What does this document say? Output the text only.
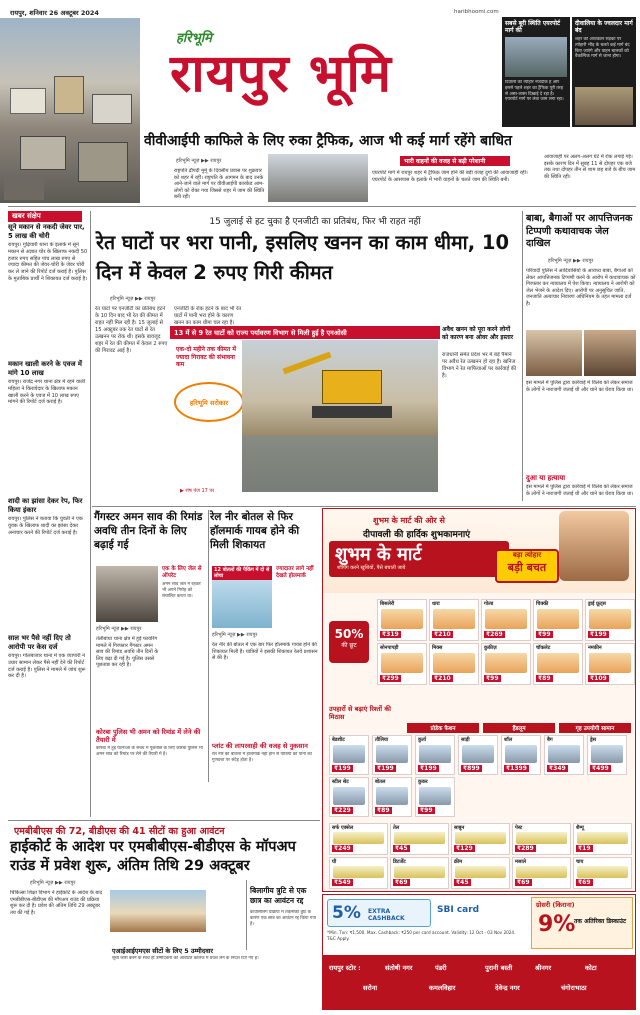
रायपुर, शनिवार 26 अक्टूबर 2024	haribhoomi.com
हरिभूमि
रायपुर भूमि
सबसे बूरी स्थिति एयरपोर्ट मार्ग की
दिवाली का त्योहार नजदीक है और इससे पहले शहर का ट्रैफिक पूरी तरह से अस्त-व्यस्त दिखाई दे रहा है। एयरपोर्ट मार्ग पर लंबा जाम लगा रहा।
दीवालिया के ज्वलदार मार्ग बंद
शहर की अधिकतर सड़कों पर त्योहारी भीड़ के चलते कई मार्ग बंद किए जाएंगे और वाहन चालकों को वैकल्पिक मार्ग से जाना होगा।
वीवीआईपी काफिले के लिए रुका ट्रैफिक, आज भी कई मार्ग रहेंगे बाधित
हरिभूमि न्यूज़ ▶▶ रायपुर
राष्ट्रपति द्रौपदी मुर्मू के दिवसीय प्रवास पर शुक्रवार को शहर में रहीं। राष्ट्रपति के आगमन के बाद उनके आने-जाने वाले मार्ग पर वीवीआईपी कारकेड आम-लोगों को रोका गया जिससे शहर में जाम की स्थिति बनी रही।
एयरपोर्ट मार्ग में रायपुर शहर में ट्रैफिक जाम होने की बड़ी वजह दुर्गा की आवाजाही रही। एयरपोर्ट के आसपास के इलाके में भारी वाहनों के चलते जाम की स्थिति बनी।
भारी वाहनों की वजह से बढ़ी परेशानी
आवाजाही पर अलग-अलग घंटे में रोक लगाई गई। इसके कारण दिन में सुबह 11 से दोपहर एक बजे तक तथा दोपहर तीन से शाम छह बजे के बीच जाम की स्थिति रही।
खबर संक्षेप
सूने मकान से नकदी जेवर पार, 5 लाख की चोरी
रायपुर। गुढ़ियारी थाना के इलाके में सूने मकान से अज्ञात चोर के खिलाफ नकदी 50 हजार रुपए सहित पांच लाख रुपए से ज्यादा कीमत की जेवर-चोरी के जेवर चोरी कर ले जाने की रिपोर्ट दर्ज कराई है। पुलिस के मुताबिक प्रार्थी ने शिकायत दर्ज कराई है।
मकान खाली करने के एवज में मांगे 10 लाख
रायपुर। राजेंद्र नगर थाना क्षेत्र में रहने वाली महिला ने किरायेदार के खिलाफ मकान खाली करने के एवज में 10 लाख रुपए मांगने की रिपोर्ट दर्ज कराई है।
शादी का झांसा देकर रेप, फिर किया इंकार
रायपुर। पुलिस ने बताया कि युवती ने एक युवक के खिलाफ शादी का झांसा देकर अनाचार करने की रिपोर्ट दर्ज कराई है।
साल भर पैसे नहीं दिए तो आरोपी पर केस दर्ज
रायपुर। गोलबाजार थाना में एक व्यापारी ने उधार सामान लेकर पैसे नहीं देने की रिपोर्ट दर्ज कराई है। पुलिस ने मामले में जांच शुरू कर दी है।
15 जुलाई से हट चुका है एनजीटी का प्रतिबंध, फिर भी राहत नहीं
रेत घाटों पर भरा पानी, इसलिए खनन का काम धीमा, 10 दिन में केवल 2 रुपए गिरी कीमत
हरिभूमि न्यूज़ ▶▶ रायपुर
रेत घाटों पर एनजीटी का प्रतिबंध हटने के 10 दिन बाद भी रेत की कीमत में राहत नहीं मिल रही है। 15 जुलाई से 15 अक्टूबर तक रेत घाटों से रेत उत्खनन पर रोक थी। इसके बावजूद शहर में रेत की कीमत में केवल 2 रुपए की गिरावट आई है।
एनजीटी के रोक हटने के बाद भी रेत घाटों में पानी भरा होने के कारण खनन का काम धीमा चल रहा है।
हरिभूमि सरोकार
▶ शेष पेज 17 पर
13 में से 9 रेत घाटों को राज्य पर्यावरण विभाग से मिली हुई है एनओसी
एक-दो महीने तक कीमत में ज्यादा गिरावट की संभावना कम
अवैध खनन को पूरा करने लोगों को कारण बना ओवर और इस्तार
राजधानी समेत प्रदेश भर में बड़े पैमाने पर अवैध रेत उत्खनन हो रहा है। खनिज विभाग ने रेत माफियाओं पर कार्रवाई की है।
बाबा, बैगाओं पर आपत्तिजनक टिप्पणी कथावाचक जेल दाखिल
हरिभूमि न्यूज़ ▶▶ रायपुर
परिवादी पुलिस ने आदिवासियों के आराध्य बाबा, बैगाओं को लेकर आपत्तिजनक टिप्पणी करने के आरोप में कथावाचक को गिरफ्तार कर न्यायालय में पेश किया। न्यायालय ने आरोपी को जेल भेजने के आदेश दिए। आरोपी पर अनुसूचित जाति, जनजाति अत्याचार निवारण अधिनियम के तहत मामला दर्ज है।
इस मामले में पुलिस द्वारा कार्रवाई में विलंब को लेकर समाज के लोगों ने नाराजगी जताई थी और थाने का घेराव किया था।
दुआ या हत्याया
इस मामले में पुलिस द्वारा कार्रवाई में विलंब को लेकर समाज के लोगों ने नाराजगी जताई थी और थाने का घेराव किया था।
गैंगस्टर अमन साव की रिमांड अवधि तीन दिनों के लिए बढ़ाई गई
एक के लिए जेल से ऑपरेट
अमन साव जेल में रहकर भी अपने गिरोह को संचालित करता था।
हरिभूमि न्यूज़ ▶▶ रायपुर
तेलीबांधा थाना क्षेत्र में हुई फायरिंग मामले में गिरफ्तार गैंगस्टर अमन साव की रिमांड अवधि तीन दिनों के लिए बढ़ा दी गई है। पुलिस उससे पूछताछ कर रही है।
कोरबा पुलिस भी अमन को रिमांड में लेने की तैयारी में
कोरबा में हुई घटनाओं के संबंध में पूछताछ के लिए कोरबा पुलिस भी अमन साव को रिमांड पर लेने की तैयारी में है।
रेल नीर बोतल से फिर हॉलमार्क गायब होने की मिली शिकायत
12 बोतलों की पैकिंग में दो से लोचा
ज्यादातर लागे नहीं देखते होलमार्क
हरिभूमि न्यूज़ ▶▶ रायपुर
रेल नीर की बोतल में एक बार फिर हॉलमार्क गायब होने की शिकायत मिली है। यात्रियों ने इसकी शिकायत रेलवे प्रशासन से की है।
प्लांट की लापरवाही की वजह से नुकसान
रेल नीर की बोतलों में हॉलमार्क नहीं होने से यात्रियों को पानी की गुणवत्ता पर संदेह होता है।
शुभम के मार्ट की ओर से
दीपावली की हार्दिक शुभकामनाएं
शुभम के मार्ट
शॉपिंग करने खुशियों, पैसे बचाती जाये
बड़ा त्योहार
बड़ी बचत
50%
की छूट
बिसलेरी
₹319
धारा
₹210
गोल्ड
₹269
चिक्की
₹99
ड्राई फ्रूट्स
₹199
सोनपापड़ी
₹299
मिक्स
₹210
कुकीज़
₹99
चॉकलेट
₹89
नमकीन
₹109
बेडशीट
₹199
तौलिया
₹199
कुर्ता
₹199
साड़ी
₹899
शॉल
₹1399
बैग
₹349
ड्रेस
₹499
स्टील सेट
₹229
बोतल
₹89
कुकर
₹99
उपहारों से बढ़ाएं रिश्तों की मिठास
प्रोडेक फैशन	हैंडलूम	गृह उपयोगी सामान
सर्फ एक्सेल
₹249
तेल
₹45
साबुन
₹129
पेस्ट
₹289
शैम्पू
₹19
घी
₹549
डिटर्जेंट
₹69
क्रीम
₹45
मसाले
₹69
चाय
₹69
एमबीबीएस की 72, बीडीएस की 41 सीटों का हुआ आवंटन
हाईकोर्ट के आदेश पर एमबीबीएस-बीडीएस के मॉपअप राउंड में प्रवेश शुरू, अंतिम तिथि 29 अक्टूबर
हरिभूमि न्यूज़ ▶▶ रायपुर
चिकित्सा शिक्षा विभाग ने हाईकोर्ट के आदेश के बाद एमबीबीएस-बीडीएस की मॉपअप राउंड की प्रक्रिया शुरू कर दी है। प्रवेश की अंतिम तिथि 29 अक्टूबर तय की गई है।
एआईआईएमएस सीटों के लिए 5 उम्मीदवार
सूची जारी करने के साथ ही उम्मीदवारों को आवंटित कॉलेज में प्रवेश लेने के निर्देश दिए गए हैं।
बिलागीय त्रुटि से एक छात्र का आवंटन रद्द
काउंसिलिंग प्रक्रिया में तकनीकी त्रुटि के कारण एक छात्र का आवंटन रद्द किया गया है।
5% EXTRA CASHBACK
SBI card
*Min. Txn: ₹1,500. Max. Cashback: ₹250 per card account. Validity: 12 Oct - 03 Nov 2024. T&C Apply.
ग्रोसरी (किराना)
9%
तक अतिरिक्त डिस्काउंट
रायपुर स्टोर :	संतोषी नगर	पंडरी	पुरानी बस्ती	श्रीनगर	कोटा
सरोना	कमलविहार	देवेन्द्र नगर	चंगोराभाठा
